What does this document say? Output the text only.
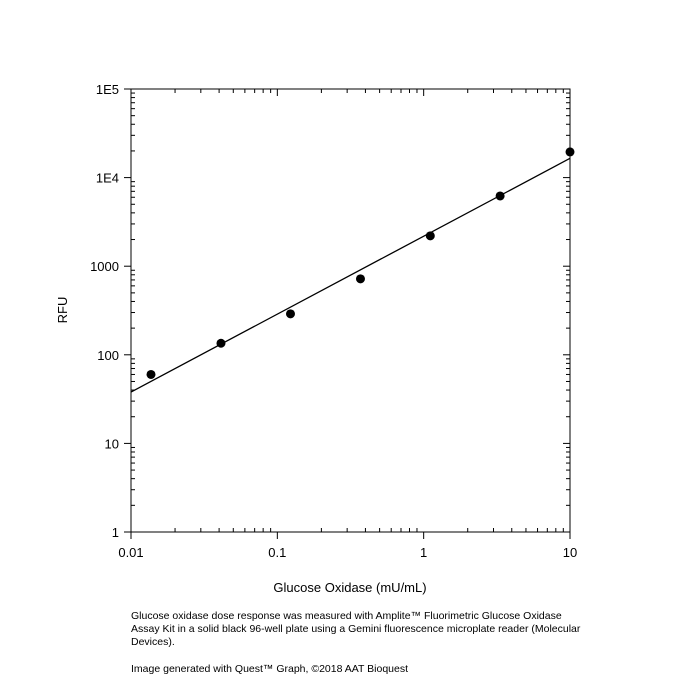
0.01	0.1	1	10
1
10
100
1000
1E4
1E5
Glucose Oxidase (mU/mL)
RFU
Glucose oxidase dose response was measured with Amplite™ Fluorimetric Glucose Oxidase Assay Kit in a solid black 96-well plate using a Gemini fluorescence microplate reader (Molecular Devices).
Image generated with Quest™ Graph, ©2018 AAT Bioquest
